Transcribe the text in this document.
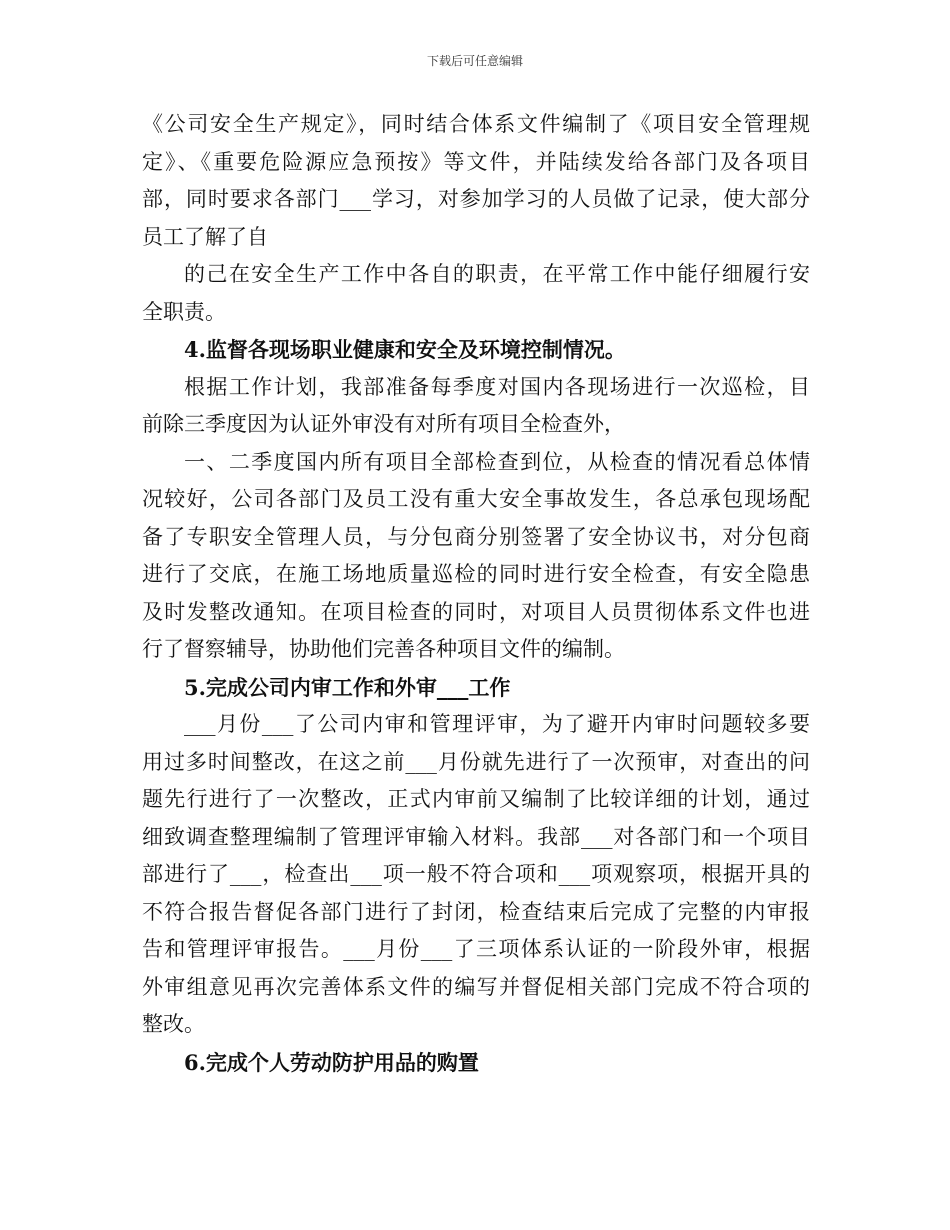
下载后可任意编辑
《公司安全生产规定》，同时结合体系文件编制了《项目安全管理规
定》、《重要危险源应急预按》等文件，并陆续发给各部门及各项目
部，同时要求各部门___学习，对参加学习的人员做了记录，使大部分
员工了解了自
的己在安全生产工作中各自的职责，在平常工作中能仔细履行安
全职责。
4.监督各现场职业健康和安全及环境控制情况。
根据工作计划，我部准备每季度对国内各现场进行一次巡检，目
前除三季度因为认证外审没有对所有项目全检查外，
一、二季度国内所有项目全部检查到位，从检查的情况看总体情
况较好，公司各部门及员工没有重大安全事故发生，各总承包现场配
备了专职安全管理人员，与分包商分别签署了安全协议书，对分包商
进行了交底，在施工场地质量巡检的同时进行安全检查，有安全隐患
及时发整改通知。在项目检查的同时，对项目人员贯彻体系文件也进
行了督察辅导，协助他们完善各种项目文件的编制。
5.完成公司内审工作和外审___工作
___月份___了公司内审和管理评审，为了避开内审时问题较多要
用过多时间整改，在这之前___月份就先进行了一次预审，对查出的问
题先行进行了一次整改，正式内审前又编制了比较详细的计划，通过
细致调查整理编制了管理评审输入材料。我部___对各部门和一个项目
部进行了___，检查出___项一般不符合项和___项观察项，根据开具的
不符合报告督促各部门进行了封闭，检查结束后完成了完整的内审报
告和管理评审报告。___月份___了三项体系认证的一阶段外审，根据
外审组意见再次完善体系文件的编写并督促相关部门完成不符合项的
整改。
6.完成个人劳动防护用品的购置
